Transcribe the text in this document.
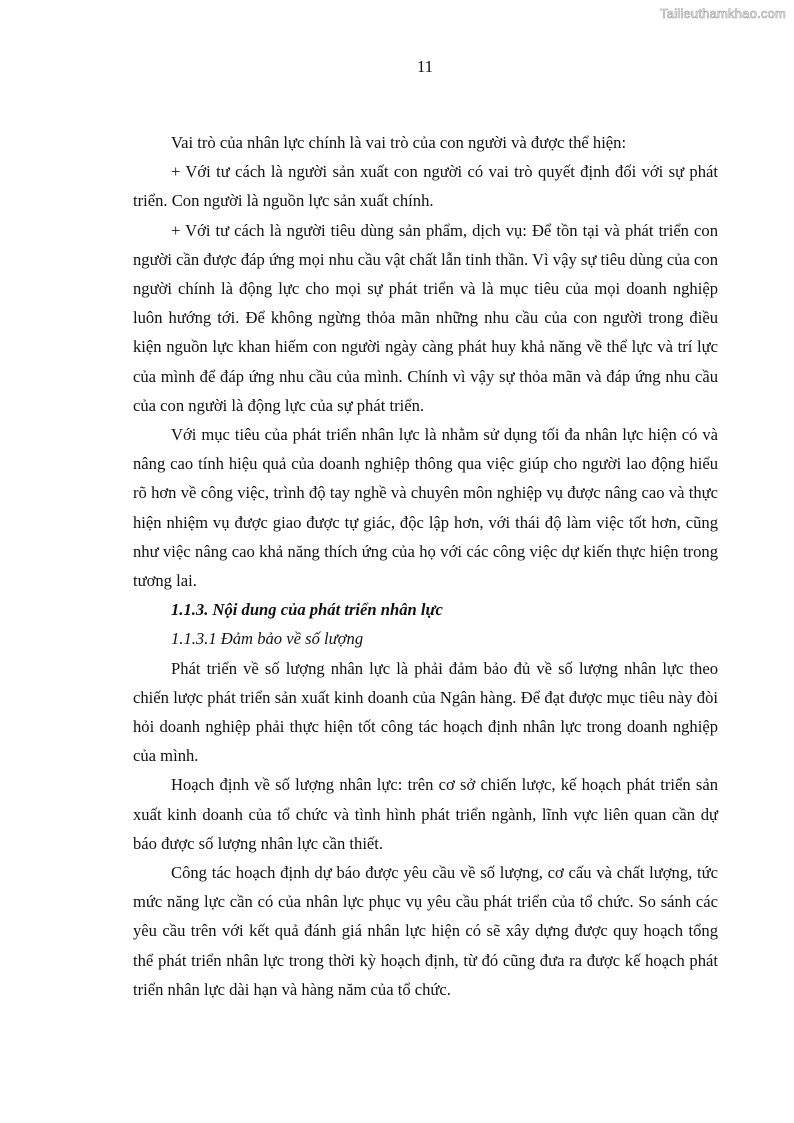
Tailieuthamkhao.com
11

Vai trò của nhân lực chính là vai trò của con người và được thể hiện:

+ Với tư cách là người sản xuất con người có vai trò quyết định đối với sự phát triển. Con người là nguồn lực sản xuất chính.

+ Với tư cách là người tiêu dùng sản phẩm, dịch vụ: Để tồn tại và phát triển con người cần được đáp ứng mọi nhu cầu vật chất lẫn tinh thần. Vì vậy sự tiêu dùng của con người chính là động lực cho mọi sự phát triển và là mục tiêu của mọi doanh nghiệp luôn hướng tới. Để không ngừng thỏa mãn những nhu cầu của con người trong điều kiện nguồn lực khan hiếm con người ngày càng phát huy khả năng về thể lực và trí lực của mình để đáp ứng nhu cầu của mình. Chính vì vậy sự thỏa mãn và đáp ứng nhu cầu của con người là động lực của sự phát triển.

Với mục tiêu của phát triển nhân lực là nhằm sử dụng tối đa nhân lực hiện có và nâng cao tính hiệu quả của doanh nghiệp thông qua việc giúp cho người lao động hiểu rõ hơn về công việc, trình độ tay nghề và chuyên môn nghiệp vụ được nâng cao và thực hiện nhiệm vụ được giao được tự giác, độc lập hơn, với thái độ làm việc tốt hơn, cũng như việc nâng cao khả năng thích ứng của họ với các công việc dự kiến thực hiện trong tương lai.

1.1.3. Nội dung của phát triển nhân lực

1.1.3.1 Đảm bảo về số lượng

Phát triển về số lượng nhân lực là phải đảm bảo đủ về số lượng nhân lực theo chiến lược phát triển sản xuất kinh doanh của Ngân hàng. Để đạt được mục tiêu này đòi hỏi doanh nghiệp phải thực hiện tốt công tác hoạch định nhân lực trong doanh nghiệp của mình.

Hoạch định về số lượng nhân lực: trên cơ sở chiến lược, kế hoạch phát triển sản xuất kinh doanh của tổ chức và tình hình phát triển ngành, lĩnh vực liên quan cần dự báo được số lượng nhân lực cần thiết.

Công tác hoạch định dự báo được yêu cầu về số lượng, cơ cấu và chất lượng, tức mức năng lực cần có của nhân lực phục vụ yêu cầu phát triển của tổ chức. So sánh các yêu cầu trên với kết quả đánh giá nhân lực hiện có sẽ xây dựng được quy hoạch tổng thể phát triển nhân lực trong thời kỳ hoạch định, từ đó cũng đưa ra được kế hoạch phát triển nhân lực dài hạn và hàng năm của tổ chức.
